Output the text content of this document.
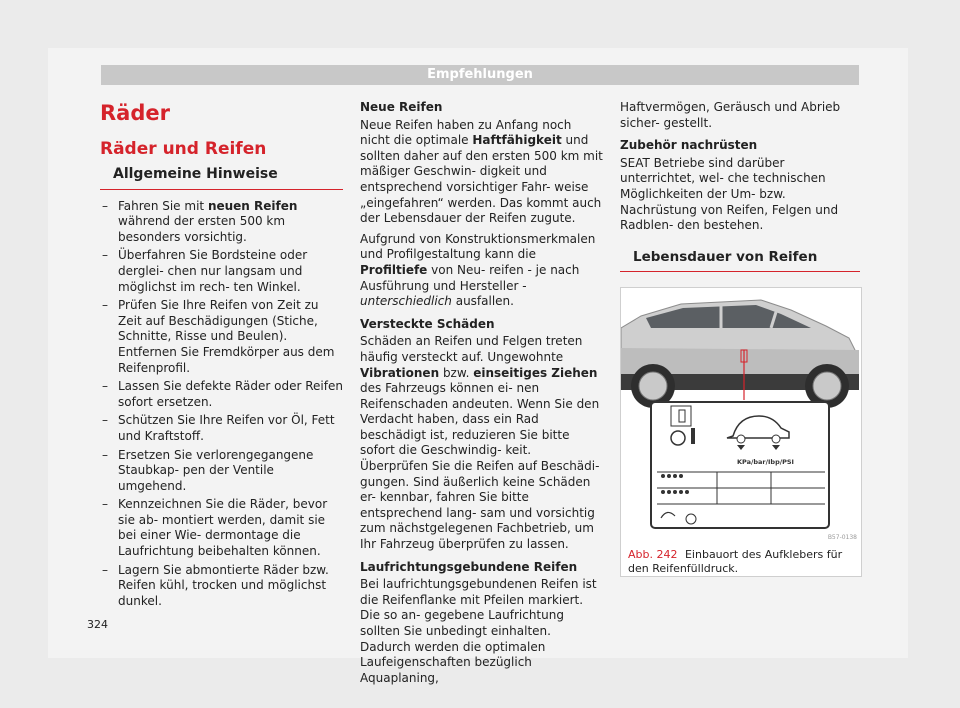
Empfehlungen
Räder
Räder und Reifen
Allgemeine Hinweise
– Fahren Sie mit neuen Reifen während der ersten 500 km besonders vorsichtig.
– Überfahren Sie Bordsteine oder derglei- chen nur langsam und möglichst im rech- ten Winkel.
– Prüfen Sie Ihre Reifen von Zeit zu Zeit auf Beschädigungen (Stiche, Schnitte, Risse und Beulen). Entfernen Sie Fremdkörper aus dem Reifenprofil.
– Lassen Sie defekte Räder oder Reifen sofort ersetzen.
– Schützen Sie Ihre Reifen vor Öl, Fett und Kraftstoff.
– Ersetzen Sie verlorengegangene Staubkap- pen der Ventile umgehend.
– Kennzeichnen Sie die Räder, bevor sie ab- montiert werden, damit sie bei einer Wie- dermontage die Laufrichtung beibehalten können.
– Lagern Sie abmontierte Räder bzw. Reifen kühl, trocken und möglichst dunkel.

Neue Reifen

Neue Reifen haben zu Anfang noch nicht die optimale Haftfähigkeit und sollten daher auf den ersten 500 km mit mäßiger Geschwin- digkeit und entsprechend vorsichtiger Fahr- weise „eingefahren“ werden. Das kommt auch der Lebensdauer der Reifen zugute.

Aufgrund von Konstruktionsmerkmalen und Profilgestaltung kann die Profiltiefe von Neu- reifen - je nach Ausführung und Hersteller - unterschiedlich ausfallen.

Versteckte Schäden

Schäden an Reifen und Felgen treten häufig versteckt auf. Ungewohnte Vibrationen bzw. einseitiges Ziehen des Fahrzeugs können ei- nen Reifenschaden andeuten. Wenn Sie den Verdacht haben, dass ein Rad beschädigt ist, reduzieren Sie bitte sofort die Geschwindig- keit. Überprüfen Sie die Reifen auf Beschädi- gungen. Sind äußerlich keine Schäden er- kennbar, fahren Sie bitte entsprechend lang- sam und vorsichtig zum nächstgelegenen Fachbetrieb, um Ihr Fahrzeug überprüfen zu lassen.

Laufrichtungsgebundene Reifen

Bei laufrichtungsgebundenen Reifen ist die Reifenflanke mit Pfeilen markiert. Die so an- gegebene Laufrichtung sollten Sie unbedingt einhalten. Dadurch werden die optimalen Laufeigenschaften bezüglich Aquaplaning,

Haftvermögen, Geräusch und Abrieb sicher- gestellt.

Zubehör nachrüsten

SEAT Betriebe sind darüber unterrichtet, wel- che technischen Möglichkeiten der Um- bzw. Nachrüstung von Reifen, Felgen und Radblen- den bestehen.

Lebensdauer von Reifen
KPa/bar/Ibp/PSI
B57-0138
Abb. 242 Einbauort des Aufklebers für den Reifenfülldruck.
324
